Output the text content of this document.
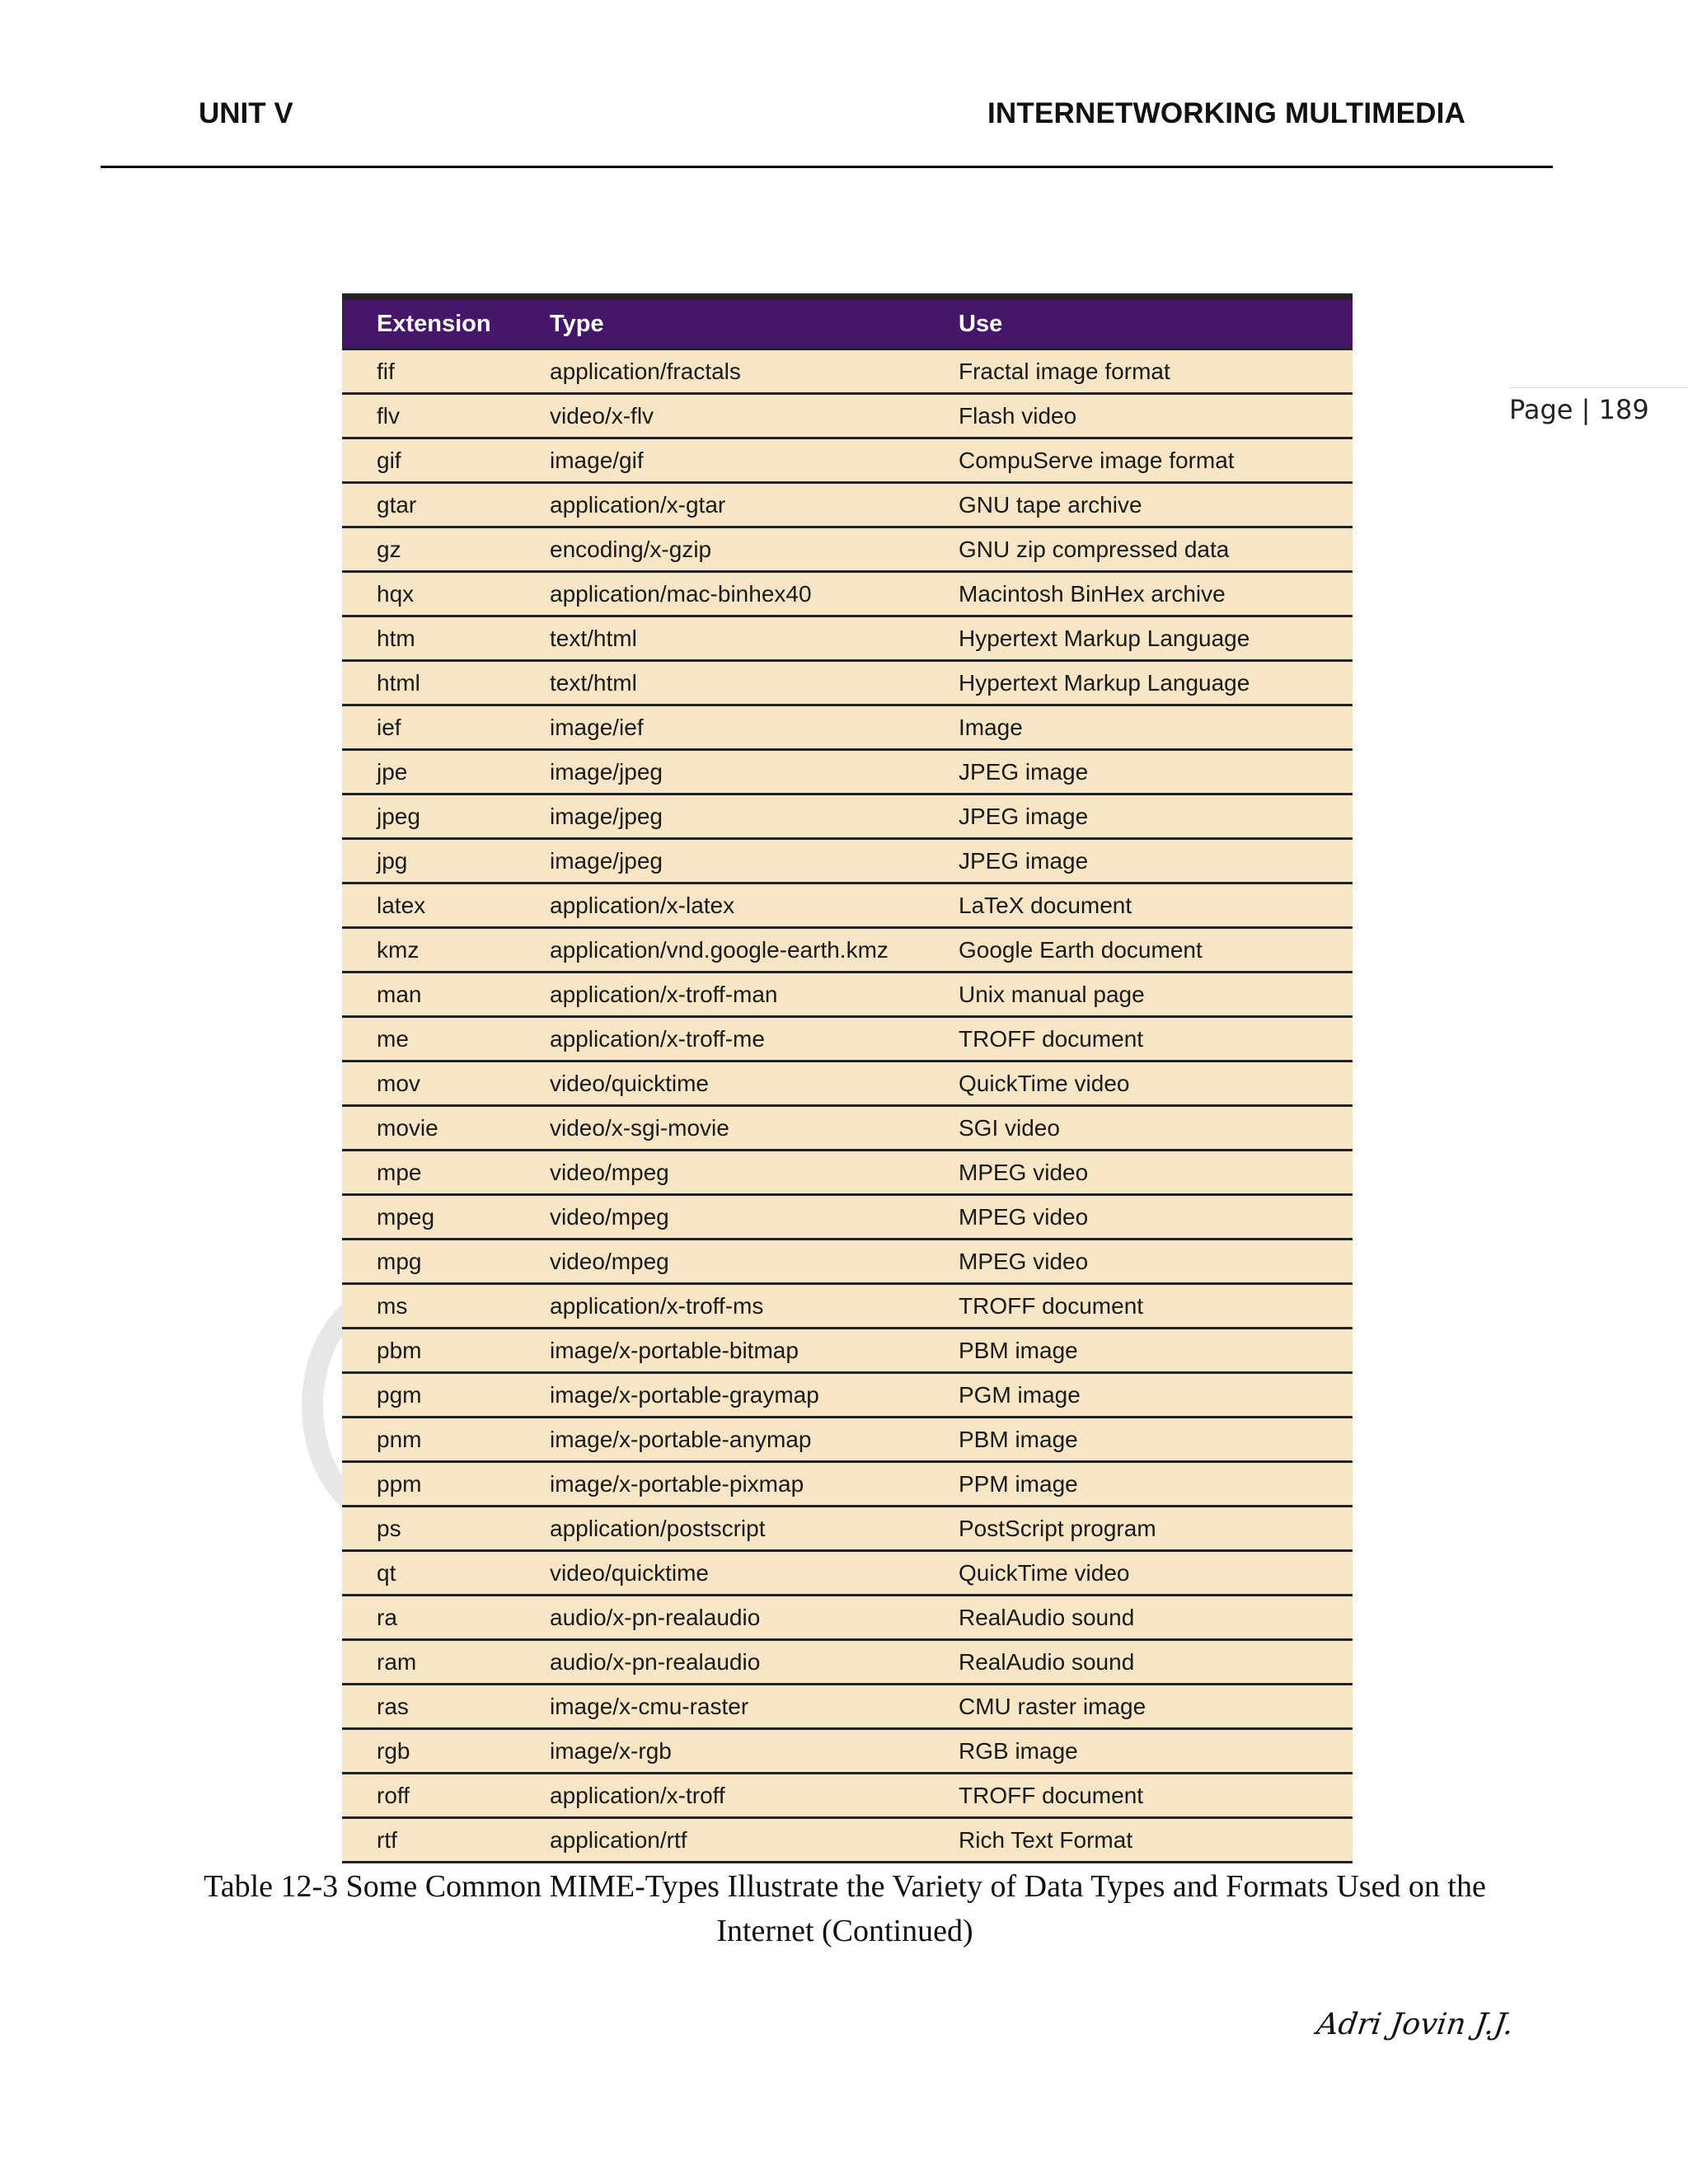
UNIT V	INTERNETWORKING MULTIMEDIA
Page | 189
Extension	Type	Use
fif	application/fractals	Fractal image format
flv	video/x-flv	Flash video
gif	image/gif	CompuServe image format
gtar	application/x-gtar	GNU tape archive
gz	encoding/x-gzip	GNU zip compressed data
hqx	application/mac-binhex40	Macintosh BinHex archive
htm	text/html	Hypertext Markup Language
html	text/html	Hypertext Markup Language
ief	image/ief	Image
jpe	image/jpeg	JPEG image
jpeg	image/jpeg	JPEG image
jpg	image/jpeg	JPEG image
latex	application/x-latex	LaTeX document
kmz	application/vnd.google-earth.kmz	Google Earth document
man	application/x-troff-man	Unix manual page
me	application/x-troff-me	TROFF document
mov	video/quicktime	QuickTime video
movie	video/x-sgi-movie	SGI video
mpe	video/mpeg	MPEG video
mpeg	video/mpeg	MPEG video
mpg	video/mpeg	MPEG video
ms	application/x-troff-ms	TROFF document
pbm	image/x-portable-bitmap	PBM image
pgm	image/x-portable-graymap	PGM image
pnm	image/x-portable-anymap	PBM image
ppm	image/x-portable-pixmap	PPM image
ps	application/postscript	PostScript program
qt	video/quicktime	QuickTime video
ra	audio/x-pn-realaudio	RealAudio sound
ram	audio/x-pn-realaudio	RealAudio sound
ras	image/x-cmu-raster	CMU raster image
rgb	image/x-rgb	RGB image
roff	application/x-troff	TROFF document
rtf	application/rtf	Rich Text Format
Table 12-3 Some Common MIME-Types Illustrate the Variety of Data Types and Formats Used on the Internet (Continued)
Adri Jovin J.J.
